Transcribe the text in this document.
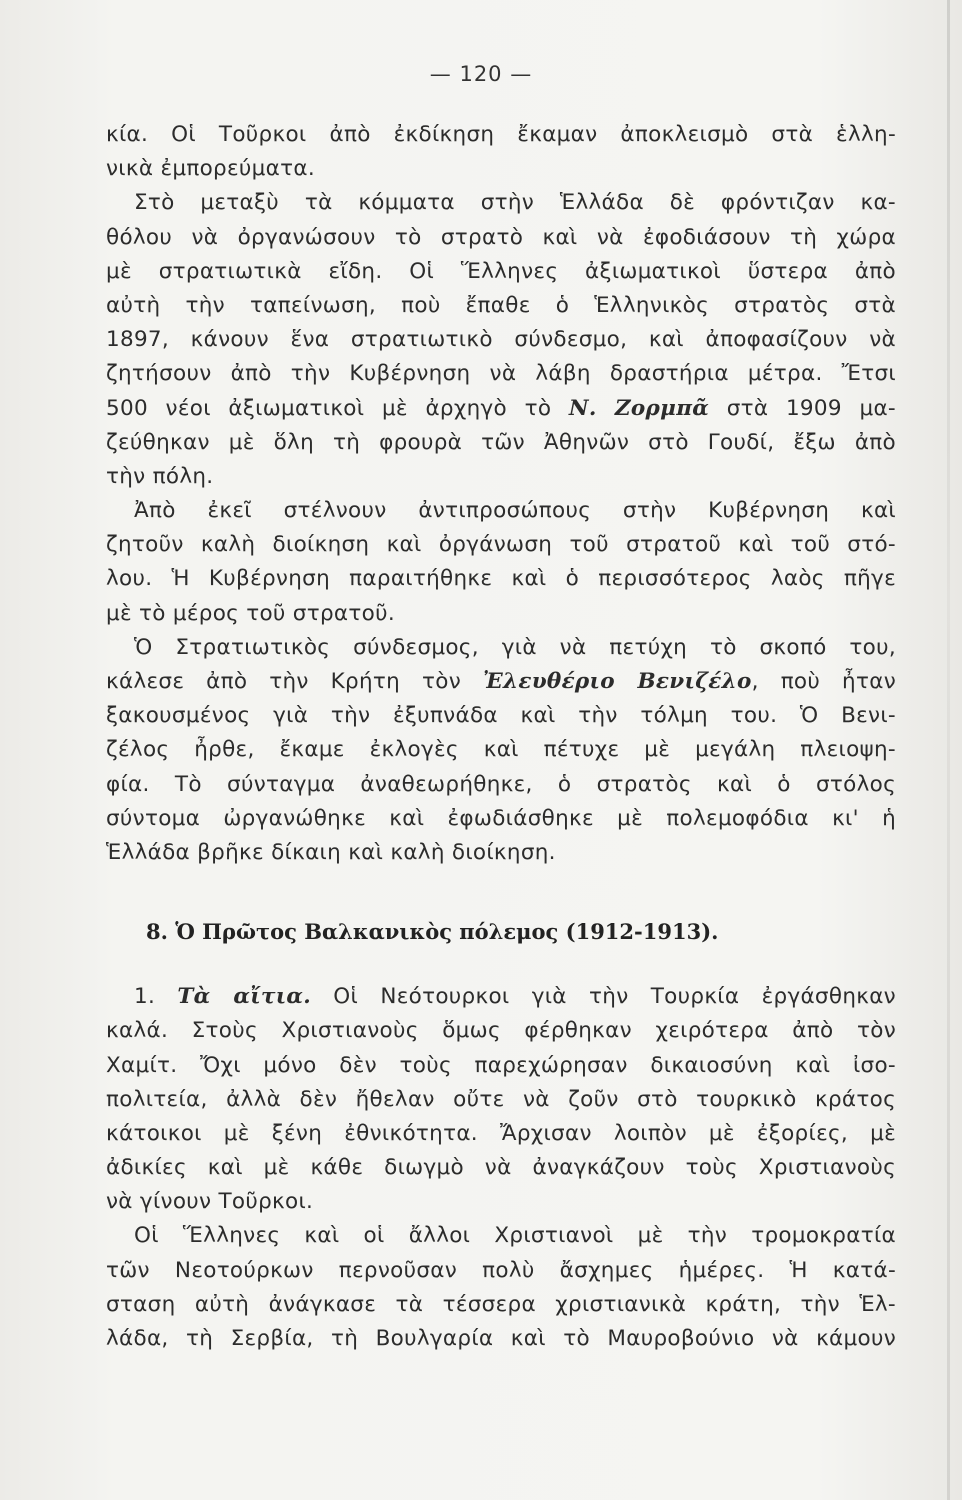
— 120 —
κία. Οἱ Τοῦρκοι ἀπὸ ἐκδίκηση ἔκαμαν ἀποκλεισμὸ στὰ ἑλλη-
νικὰ ἐμπορεύματα.
Στὸ μεταξὺ τὰ κόμματα στὴν Ἑλλάδα δὲ φρόντιζαν κα-
θόλου νὰ ὀργανώσουν τὸ στρατὸ καὶ νὰ ἐφοδιάσουν τὴ χώρα
μὲ στρατιωτικὰ εἴδη. Οἱ Ἕλληνες ἀξιωματικοὶ ὕστερα ἀπὸ
αὐτὴ τὴν ταπείνωση, ποὺ ἔπαθε ὁ Ἑλληνικὸς στρατὸς στὰ
1897, κάνουν ἕνα στρατιωτικὸ σύνδεσμο, καὶ ἀποφασίζουν νὰ
ζητήσουν ἀπὸ τὴν Κυβέρνηση νὰ λάβη δραστήρια μέτρα. Ἔτσι
500 νέοι ἀξιωματικοὶ μὲ ἀρχηγὸ τὸ Ν. Ζορμπᾶ στὰ 1909 μα-
ζεύθηκαν μὲ ὅλη τὴ φρουρὰ τῶν Ἀθηνῶν στὸ Γουδί, ἔξω ἀπὸ
τὴν πόλη.
Ἀπὸ ἐκεῖ στέλνουν ἀντιπροσώπους στὴν Κυβέρνηση καὶ
ζητοῦν καλὴ διοίκηση καὶ ὀργάνωση τοῦ στρατοῦ καὶ τοῦ στό-
λου. Ἡ Κυβέρνηση παραιτήθηκε καὶ ὁ περισσότερος λαὸς πῆγε
μὲ τὸ μέρος τοῦ στρατοῦ.
Ὁ Στρατιωτικὸς σύνδεσμος, γιὰ νὰ πετύχη τὸ σκοπό του,
κάλεσε ἀπὸ τὴν Κρήτη τὸν Ἐλευθέριο Βενιζέλο, ποὺ ἦταν
ξακουσμένος γιὰ τὴν ἐξυπνάδα καὶ τὴν τόλμη του. Ὁ Βενι-
ζέλος ἦρθε, ἔκαμε ἐκλογὲς καὶ πέτυχε μὲ μεγάλη πλειοψη-
φία. Τὸ σύνταγμα ἀναθεωρήθηκε, ὁ στρατὸς καὶ ὁ στόλος
σύντομα ὠργανώθηκε καὶ ἐφωδιάσθηκε μὲ πολεμοφόδια κι' ἡ
Ἑλλάδα βρῆκε δίκαιη καὶ καλὴ διοίκηση.
8. Ὁ Πρῶτος Βαλκανικὸς πόλεμος (1912-1913).
1. Τὰ αἴτια. Οἱ Νεότουρκοι γιὰ τὴν Τουρκία ἐργάσθηκαν
καλά. Στοὺς Χριστιανοὺς ὅμως φέρθηκαν χειρότερα ἀπὸ τὸν
Χαμίτ. Ὄχι μόνο δὲν τοὺς παρεχώρησαν δικαιοσύνη καὶ ἰσο-
πολιτεία, ἀλλὰ δὲν ἤθελαν οὔτε νὰ ζοῦν στὸ τουρκικὸ κράτος
κάτοικοι μὲ ξένη ἐθνικότητα. Ἄρχισαν λοιπὸν μὲ ἐξορίες, μὲ
ἀδικίες καὶ μὲ κάθε διωγμὸ νὰ ἀναγκάζουν τοὺς Χριστιανοὺς
νὰ γίνουν Τοῦρκοι.
Οἱ Ἕλληνες καὶ οἱ ἄλλοι Χριστιανοὶ μὲ τὴν τρομοκρατία
τῶν Νεοτούρκων περνοῦσαν πολὺ ἄσχημες ἡμέρες. Ἡ κατά-
σταση αὐτὴ ἀνάγκασε τὰ τέσσερα χριστιανικὰ κράτη, τὴν Ἑλ-
λάδα, τὴ Σερβία, τὴ Βουλγαρία καὶ τὸ Μαυροβούνιο νὰ κάμουν
